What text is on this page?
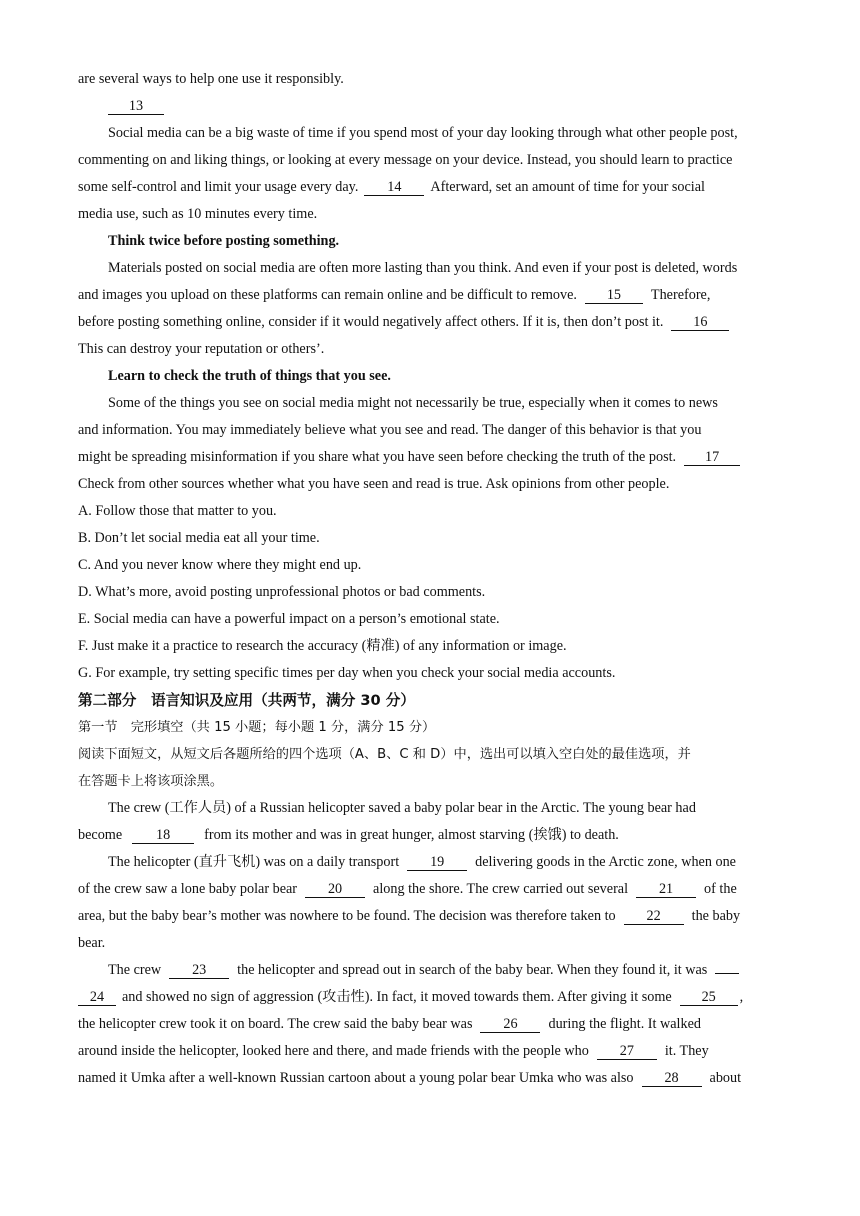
are several ways to help one use it responsibly.
13
Social media can be a big waste of time if you spend most of your day looking through what other people post,
commenting on and liking things, or looking at every message on your device. Instead, you should learn to practice
some self-control and limit your usage every day. 14 Afterward, set an amount of time for your social
media use, such as 10 minutes every time.
Think twice before posting something.
Materials posted on social media are often more lasting than you think. And even if your post is deleted, words
and images you upload on these platforms can remain online and be difficult to remove. 15 Therefore,
before posting something online, consider if it would negatively affect others. If it is, then don’t post it. 16
This can destroy your reputation or others’.
Learn to check the truth of things that you see.
Some of the things you see on social media might not necessarily be true, especially when it comes to news
and information. You may immediately believe what you see and read. The danger of this behavior is that you
might be spreading misinformation if you share what you have seen before checking the truth of the post. 17
Check from other sources whether what you have seen and read is true. Ask opinions from other people.
A. Follow those that matter to you.
B. Don’t let social media eat all your time.
C. And you never know where they might end up.
D. What’s more, avoid posting unprofessional photos or bad comments.
E. Social media can have a powerful impact on a person’s emotional state.
F. Just make it a practice to research the accuracy (精准) of any information or image.
G. For example, try setting specific times per day when you check your social media accounts.
第二部分　语言知识及应用（共两节，满分 30 分）
第一节　完形填空（共 15 小题；每小题 1 分，满分 15 分）
阅读下面短文，从短文后各题所给的四个选项（A、B、C 和 D）中，选出可以填入空白处的最佳选项，并
在答题卡上将该项涂黑。
The crew (工作人员) of a Russian helicopter saved a baby polar bear in the Arctic. The young bear had
become 18 from its mother and was in great hunger, almost starving (挨饿) to death.
The helicopter (直升飞机) was on a daily transport 19 delivering goods in the Arctic zone, when one
of the crew saw a lone baby polar bear 20 along the shore. The crew carried out several 21 of the
area, but the baby bear’s mother was nowhere to be found. The decision was therefore taken to 22 the baby
bear.
The crew 23 the helicopter and spread out in search of the baby bear. When they found it, it was
24 and showed no sign of aggression (攻击性). In fact, it moved towards them. After giving it some 25 ,
the helicopter crew took it on board. The crew said the baby bear was 26 during the flight. It walked
around inside the helicopter, looked here and there, and made friends with the people who 27 it. They
named it Umka after a well-known Russian cartoon about a young polar bear Umka who was also 28 about
